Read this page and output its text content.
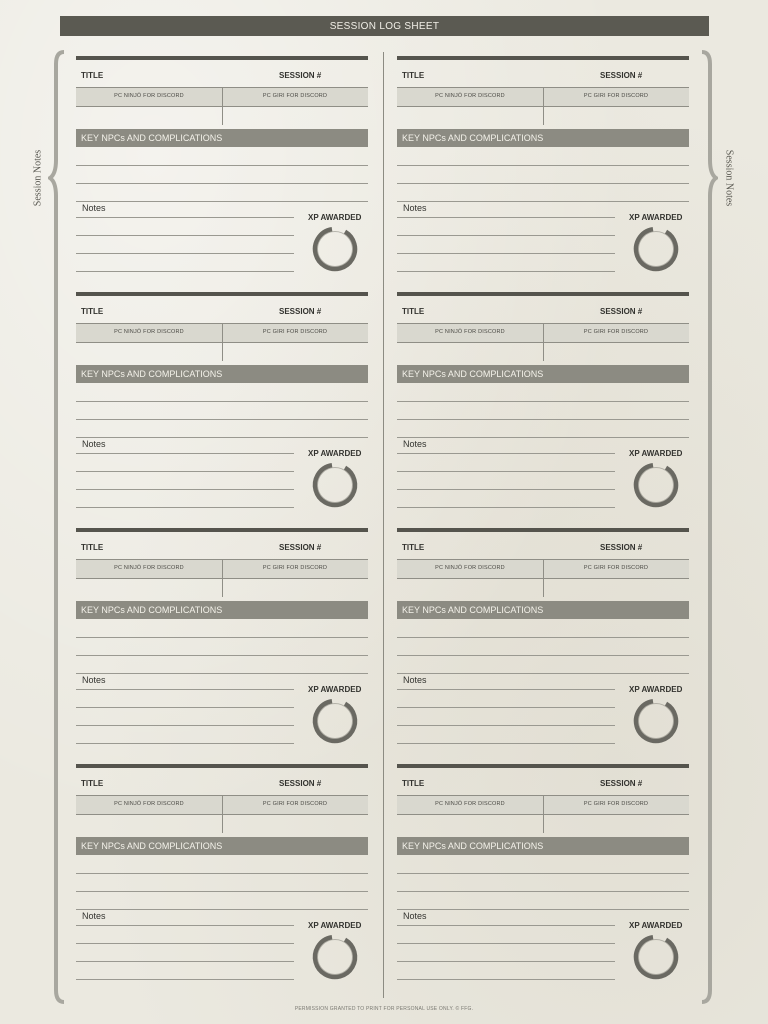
SESSION LOG SHEET
Session Notes	Session Notes
TITLE	SESSION #
PC NINJŌ FOR DISCORD	PC GIRI FOR DISCORD
KEY NPCs AND COMPLICATIONS
Notes
XP AWARDED
TITLE	SESSION #
PC NINJŌ FOR DISCORD	PC GIRI FOR DISCORD
KEY NPCs AND COMPLICATIONS
Notes
XP AWARDED
TITLE	SESSION #
PC NINJŌ FOR DISCORD	PC GIRI FOR DISCORD
KEY NPCs AND COMPLICATIONS
Notes
XP AWARDED
TITLE	SESSION #
PC NINJŌ FOR DISCORD	PC GIRI FOR DISCORD
KEY NPCs AND COMPLICATIONS
Notes
XP AWARDED
TITLE	SESSION #
PC NINJŌ FOR DISCORD	PC GIRI FOR DISCORD
KEY NPCs AND COMPLICATIONS
Notes
XP AWARDED
TITLE	SESSION #
PC NINJŌ FOR DISCORD	PC GIRI FOR DISCORD
KEY NPCs AND COMPLICATIONS
Notes
XP AWARDED
TITLE	SESSION #
PC NINJŌ FOR DISCORD	PC GIRI FOR DISCORD
KEY NPCs AND COMPLICATIONS
Notes
XP AWARDED
TITLE	SESSION #
PC NINJŌ FOR DISCORD	PC GIRI FOR DISCORD
KEY NPCs AND COMPLICATIONS
Notes
XP AWARDED
PERMISSION GRANTED TO PRINT FOR PERSONAL USE ONLY. © FFG.
